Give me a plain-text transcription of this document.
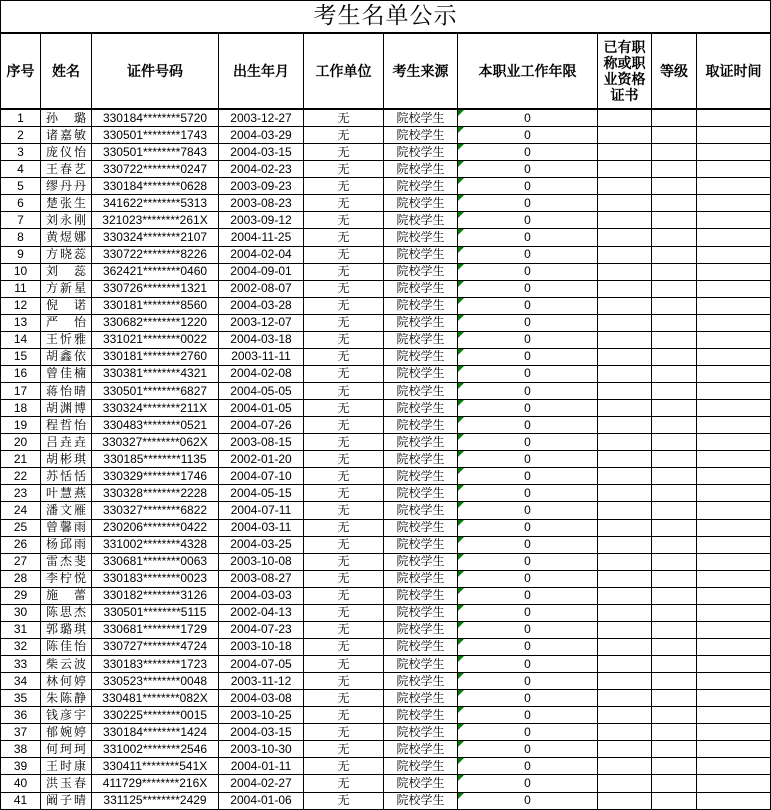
考生名单公示									
序号	姓名	证件号码	出生年月	工作单位	考生来源	本职业工作年限	已有职称或职业资格证书	等级	取证时间
1	孙璐	330184********5720	2003-12-27	无	院校学生	0			
2	诸嘉敏	330501********1743	2004-03-29	无	院校学生	0			
3	庞仪怡	330501********7843	2004-03-15	无	院校学生	0			
4	王春艺	330722********0247	2004-02-23	无	院校学生	0			
5	缪丹丹	330184********0628	2003-09-23	无	院校学生	0			
6	楚张生	341622********5313	2003-08-23	无	院校学生	0			
7	刘永刚	321023********261X	2003-09-12	无	院校学生	0			
8	黄煜娜	330324********2107	2004-11-25	无	院校学生	0			
9	方晓蕊	330722********8226	2004-02-04	无	院校学生	0			
10	刘蕊	362421********0460	2004-09-01	无	院校学生	0			
11	方新星	330726********1321	2002-08-07	无	院校学生	0			
12	倪诺	330181********8560	2004-03-28	无	院校学生	0			
13	严怡	330682********1220	2003-12-07	无	院校学生	0			
14	王忻雅	331021********0022	2004-03-18	无	院校学生	0			
15	胡鑫依	330181********2760	2003-11-11	无	院校学生	0			
16	曾佳楠	330381********4321	2004-02-08	无	院校学生	0			
17	蒋怡晴	330501********6827	2004-05-05	无	院校学生	0			
18	胡渊博	330324********211X	2004-01-05	无	院校学生	0			
19	程哲怡	330483********0521	2004-07-26	无	院校学生	0			
20	吕垚垚	330327********062X	2003-08-15	无	院校学生	0			
21	胡彬琪	330185********1135	2002-01-20	无	院校学生	0			
22	苏恬恬	330329********1746	2004-07-10	无	院校学生	0			
23	叶慧燕	330328********2228	2004-05-15	无	院校学生	0			
24	潘文雁	330327********6822	2004-07-11	无	院校学生	0			
25	曾馨雨	230206********0422	2004-03-11	无	院校学生	0			
26	杨邱雨	331002********4328	2004-03-25	无	院校学生	0			
27	雷杰斐	330681********0063	2003-10-08	无	院校学生	0			
28	李柠悦	330183********0023	2003-08-27	无	院校学生	0			
29	施蕾	330182********3126	2004-03-03	无	院校学生	0			
30	陈思杰	330501********5115	2002-04-13	无	院校学生	0			
31	郭璐琪	330681********1729	2004-07-23	无	院校学生	0			
32	陈佳怡	330727********4724	2003-10-18	无	院校学生	0			
33	柴云波	330183********1723	2004-07-05	无	院校学生	0			
34	林何婷	330523********0048	2003-11-12	无	院校学生	0			
35	朱陈静	330481********082X	2004-03-08	无	院校学生	0			
36	钱彦宇	330225********0015	2003-10-25	无	院校学生	0			
37	郁婉婷	330184********1424	2004-03-15	无	院校学生	0			
38	何珂珂	331002********2546	2003-10-30	无	院校学生	0			
39	王时康	330411********541X	2004-01-11	无	院校学生	0			
40	洪玉春	411729********216X	2004-02-27	无	院校学生	0			
41	阚子晴	331125********2429	2004-01-06	无	院校学生	0			
